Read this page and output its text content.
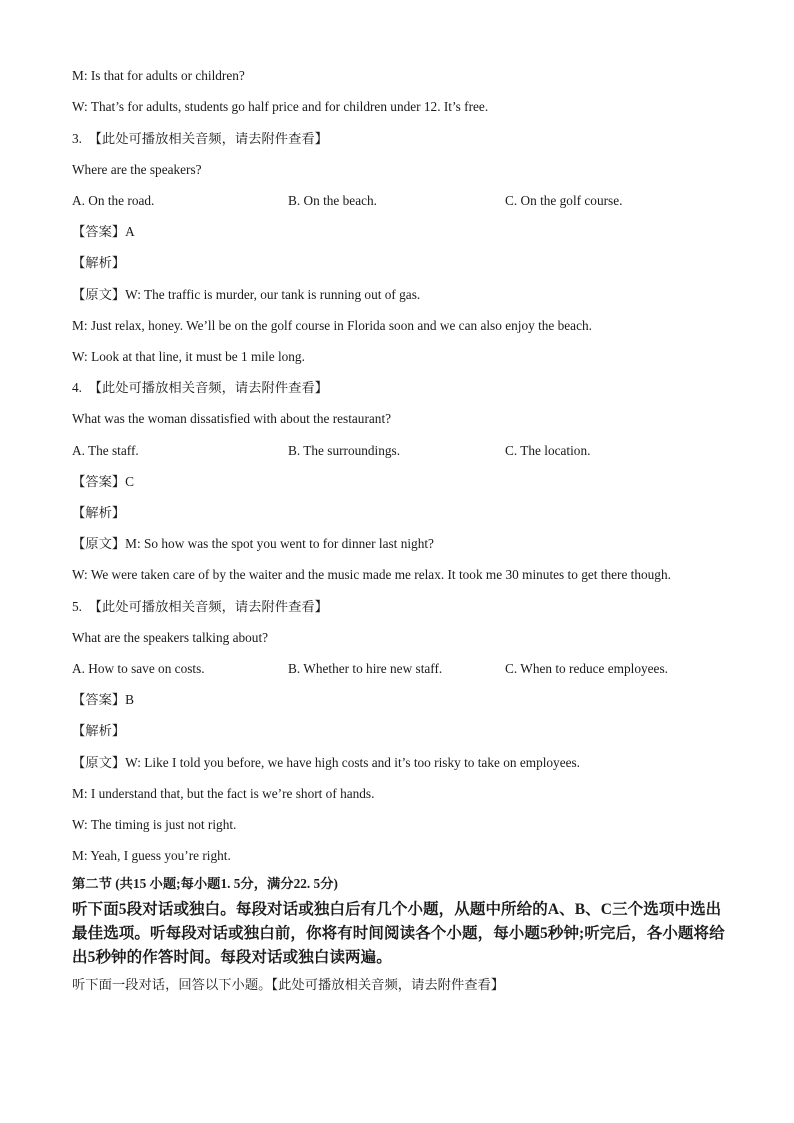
M: Is that for adults or children?
W: That’s for adults, students go half price and for children under 12. It’s free.
3.　【此处可播放相关音频，请去附件查看】
Where are the speakers?
A. On the road.	B. On the beach.	C. On the golf course.
【答案】A
【解析】
【原文】W: The traffic is murder, our tank is running out of gas.
M: Just relax, honey. We’ll be on the golf course in Florida soon and we can also enjoy the beach.
W: Look at that line, it must be 1 mile long.
4.　【此处可播放相关音频，请去附件查看】
What was the woman dissatisfied with about the restaurant?
A. The staff.	B. The surroundings.	C. The location.
【答案】C
【解析】
【原文】M: So how was the spot you went to for dinner last night?
W: We were taken care of by the waiter and the music made me relax. It took me 30 minutes to get there though.
5.　【此处可播放相关音频，请去附件查看】
What are the speakers talking about?
A. How to save on costs.	B. Whether to hire new staff.	C. When to reduce employees.
【答案】B
【解析】
【原文】W: Like I told you before, we have high costs and it’s too risky to take on employees.
M: I understand that, but the fact is we’re short of hands.
W: The timing is just not right.
M: Yeah, I guess you’re right.
第二节 (共15 小题;每小题1. 5分，满分22. 5分)
听下面5段对话或独白。每段对话或独白后有几个小题，从题中所给的A、B、C三个选项中选出最佳选项。听每段对话或独白前，你将有时间阅读各个小题，每小题5秒钟;听完后，各小题将给出5秒钟的作答时间。每段对话或独白读两遍。
听下面一段对话，回答以下小题。【此处可播放相关音频，请去附件查看】
